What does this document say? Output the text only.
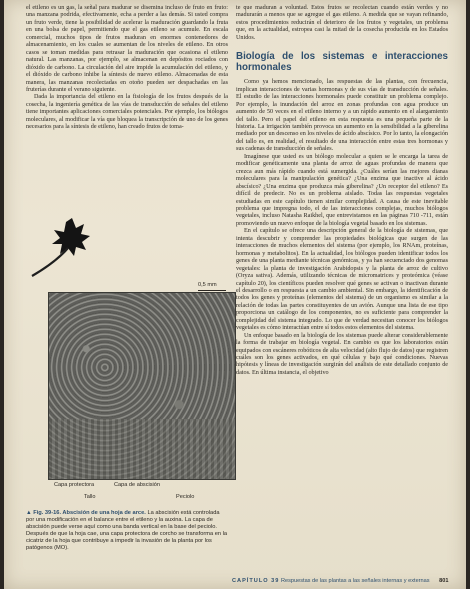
el etileno es un gas, la señal para madurar se disemina incluso de fruto en fruto: una manzana podrida, efectivamente, echa a perder a las demás. Si usted compra un fruto verde, tiene la posibilidad de acelerar la maduración guardando la fruta en una bolsa de papel, permitiendo que el gas etileno se acumule. En escala comercial, muchos tipos de frutos maduran en enormes contenedores de almacenamiento, en los cuales se aumentan de los niveles de etileno. En otros casos se toman medidas para retrasar la maduración que ocasiona el etileno natural. Las manzanas, por ejemplo, se almacenan en depósitos rociados con dióxido de carbono. La circulación del aire impide la acumulación del etileno, y el dióxido de carbono inhibe la síntesis de nuevo etileno. Almacenadas de esta manera, las manzanas recolectadas en otoño pueden ser despachadas en las fruterías durante el verano siguiente.

Dada la importancia del etileno en la fisiología de los frutos después de la cosecha, la ingeniería genética de las vías de transducción de señales del etileno tiene importantes aplicaciones comerciales potenciales. Por ejemplo, los biólogos moleculares, al modificar la vía que bloquea la transcripción de uno de los genes necesarios para la síntesis de etileno, han creado frutos de toma-

0,5 mm
Capa protectora	Capa de abscisión
Tallo	Peciolo
▲ Fig. 39-16. Abscisión de una hoja de arce. La abscisión está controlada por una modificación en el balance entre el etileno y la auxina. La capa de abscisión puede verse aquí como una banda vertical en la base del peciolo. Después de que la hoja cae, una capa protectora de corcho se transforma en la cicatriz de la hoja que contribuye a impedir la invasión de la planta por los patógenos (MO).

te que maduran a voluntad. Estos frutos se recolectan cuando están verdes y no madurarán a menos que se agregue el gas etileno. A medida que se vayan refinando, estos procedimientos reducirán el deterioro de los frutos y vegetales, un problema que, en la actualidad, estropea casi la mitad de la cosecha producida en los Estados Unidos.

Biología de los sistemas e interacciones hormonales

Como ya hemos mencionado, las respuestas de las plantas, con frecuencia, implican interacciones de varias hormonas y de sus vías de transducción de señales. El estudio de las interacciones hormonales puede constituir un problema complejo. Por ejemplo, la inundación del arroz en zonas profundas con agua produce un aumento de 50 veces en el etileno interno y a un rápido aumento en el alargamiento del tallo. Pero el papel del etileno en esta respuesta es una pequeña parte de la historia. La irrigación también provoca un aumento en la sensibilidad a la giberelina mediado por un descenso en los niveles de ácido abscísico. Por lo tanto, la elongación del tallo es, en realidad, el resultado de una interacción entre estas tres hormonas y sus cadenas de transducción de señales.

Imagínese que usted es un biólogo molecular a quien se le encarga la tarea de modificar genéticamente una planta de arroz de aguas profundas de manera que crezca aun más rápido cuando está sumergida. ¿Cuáles serían las mejores dianas moleculares para la manipulación genética? ¿Una enzima que inactive al ácido abscísico? ¿Una enzima que produzca más giberelina? ¿Un receptor del etileno? Es difícil de predecir. No es un problema aislado. Todas las respuestas vegetales estudiadas en este capítulo tienen similar complejidad. A causa de este inevitable problema que impregna todo, el de las interacciones complejas, muchos biólogos vegetales, incluso Natasha Raikhel, que entrevistamos en las páginas 710 -711, están promoviendo un nuevo enfoque de la biología vegetal basado en los sistemas.

En el capítulo se ofrece una descripción general de la biología de sistemas, que intenta descubrir y comprender las propiedades biológicas que surgen de las interacciones de muchos elementos del sistema (por ejemplo, los RNAm, proteínas, hormonas y metabolitos). En la actualidad, los biólogos pueden identificar todos los genes de una planta mediante técnicas genómicas, y ya han secuenciado dos genomas vegetales: la planta de investigación Arabidopsis y la planta de arroz de cultivo (Oryza sativa). Además, utilizando técnicas de micromatrices y proteómica (véase capítulo 20), los científicos pueden resolver qué genes se activan o inactivan durante el desarrollo o en respuesta a un cambio ambiental. Sin embargo, la identificación de todos los genes y proteínas (elementos del sistema) de un organismo es similar a la relación de todas las partes constituyentes de un avión. Aunque una lista de ese tipo proporciona un catálogo de los componentes, no es suficiente para comprender la complejidad del sistema integrado. Lo que de verdad necesitan conocer los biólogos vegetales es cómo interactúan entre sí todos estos elementos del sistema.

Un enfoque basado en la biología de los sistemas puede alterar considerablemente la forma de trabajar en biología vegetal. En cambio es que los laboratorios están equipados con escáneres robóticos de alta velocidad (alto flujo de datos) que registren cuáles son los genes activados, en qué células y bajo qué condiciones. Nuevas hipótesis y líneas de investigación surgirán del análisis de este detallado conjunto de datos. En última instancia, el objetivo

CAPÍTULO 39 Respuestas de las plantas a las señales internas y externas 801
